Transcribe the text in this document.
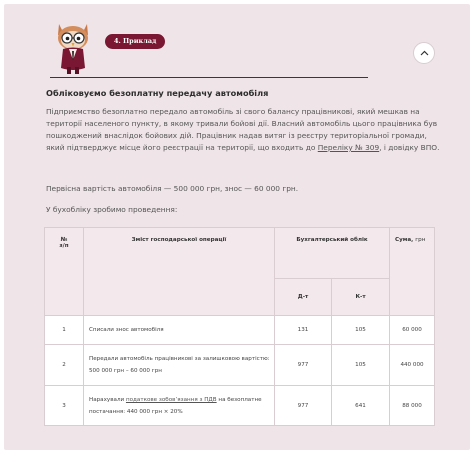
4. Приклад
Обліковуємо безоплатну передачу автомобіля

Підприємство безоплатно передало автомобіль зі свого балансу працівникові, який мешкав на території населеного пункту, в якому тривали бойові дії. Власний автомобіль цього працівника був пошкоджений внаслідок бойових дій. Працівник надав витяг із реєстру територіальної громади, який підтверджує місце його реєстрації на території, що входить до Переліку № 309, і довідку ВПО.

Первісна вартість автомобіля — 500 000 грн, знос — 60 000 грн.

У бухобліку зробимо проведення:

№
з/п	Зміст господарської операції	Бухгалтерський облік		Сума, грн
		Д-т	К-т	
1	Списали знос автомобіля	131	105	60 000
2	Передали автомобіль працівникові за залишковою вартістю: 500 000 грн – 60 000 грн	977	105	440 000
3	Нарахували податкове зобов’язання з ПДВ на безоплатне постачання: 440 000 грн × 20%	977	641	88 000
